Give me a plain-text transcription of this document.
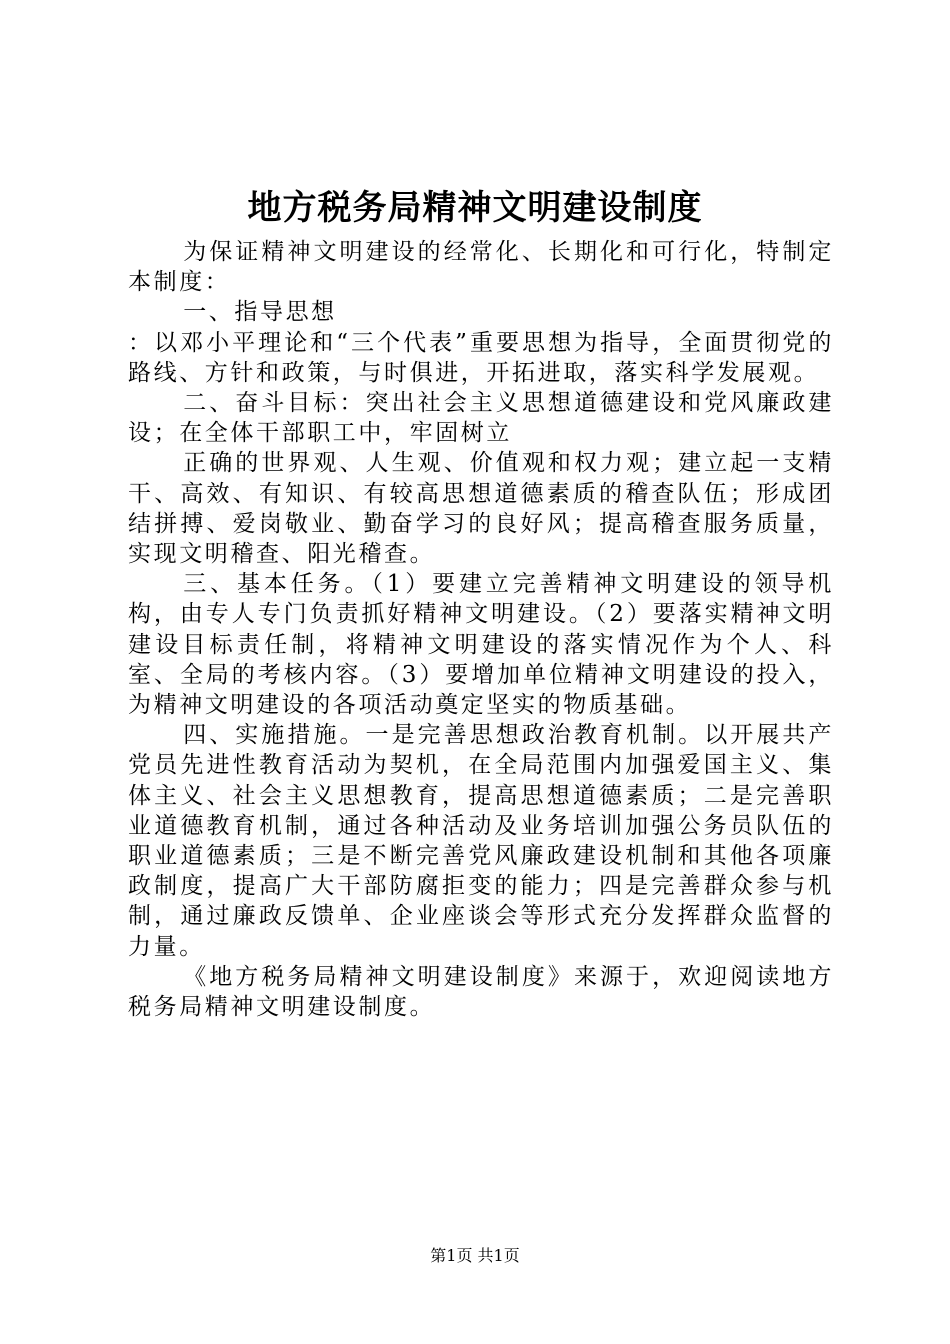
地方税务局精神文明建设制度

为保证精神文明建设的经常化、长期化和可行化，特制定本制度：

一、指导思想

：以邓小平理论和“三个代表”重要思想为指导，全面贯彻党的路线、方针和政策，与时俱进，开拓进取，落实科学发展观。

二、奋斗目标：突出社会主义思想道德建设和党风廉政建设；在全体干部职工中，牢固树立

正确的世界观、人生观、价值观和权力观；建立起一支精干、高效、有知识、有较高思想道德素质的稽查队伍；形成团结拼搏、爱岗敬业、勤奋学习的良好风；提高稽查服务质量，实现文明稽查、阳光稽查。

三、基本任务。（1）要建立完善精神文明建设的领导机构，由专人专门负责抓好精神文明建设。（2）要落实精神文明建设目标责任制，将精神文明建设的落实情况作为个人、科室、全局的考核内容。（3）要增加单位精神文明建设的投入，为精神文明建设的各项活动奠定坚实的物质基础。

四、实施措施。一是完善思想政治教育机制。以开展共产党员先进性教育活动为契机，在全局范围内加强爱国主义、集体主义、社会主义思想教育，提高思想道德素质；二是完善职业道德教育机制，通过各种活动及业务培训加强公务员队伍的职业道德素质；三是不断完善党风廉政建设机制和其他各项廉政制度，提高广大干部防腐拒变的能力；四是完善群众参与机制，通过廉政反馈单、企业座谈会等形式充分发挥群众监督的力量。

《地方税务局精神文明建设制度》来源于，欢迎阅读地方税务局精神文明建设制度。

第1页 共1页
